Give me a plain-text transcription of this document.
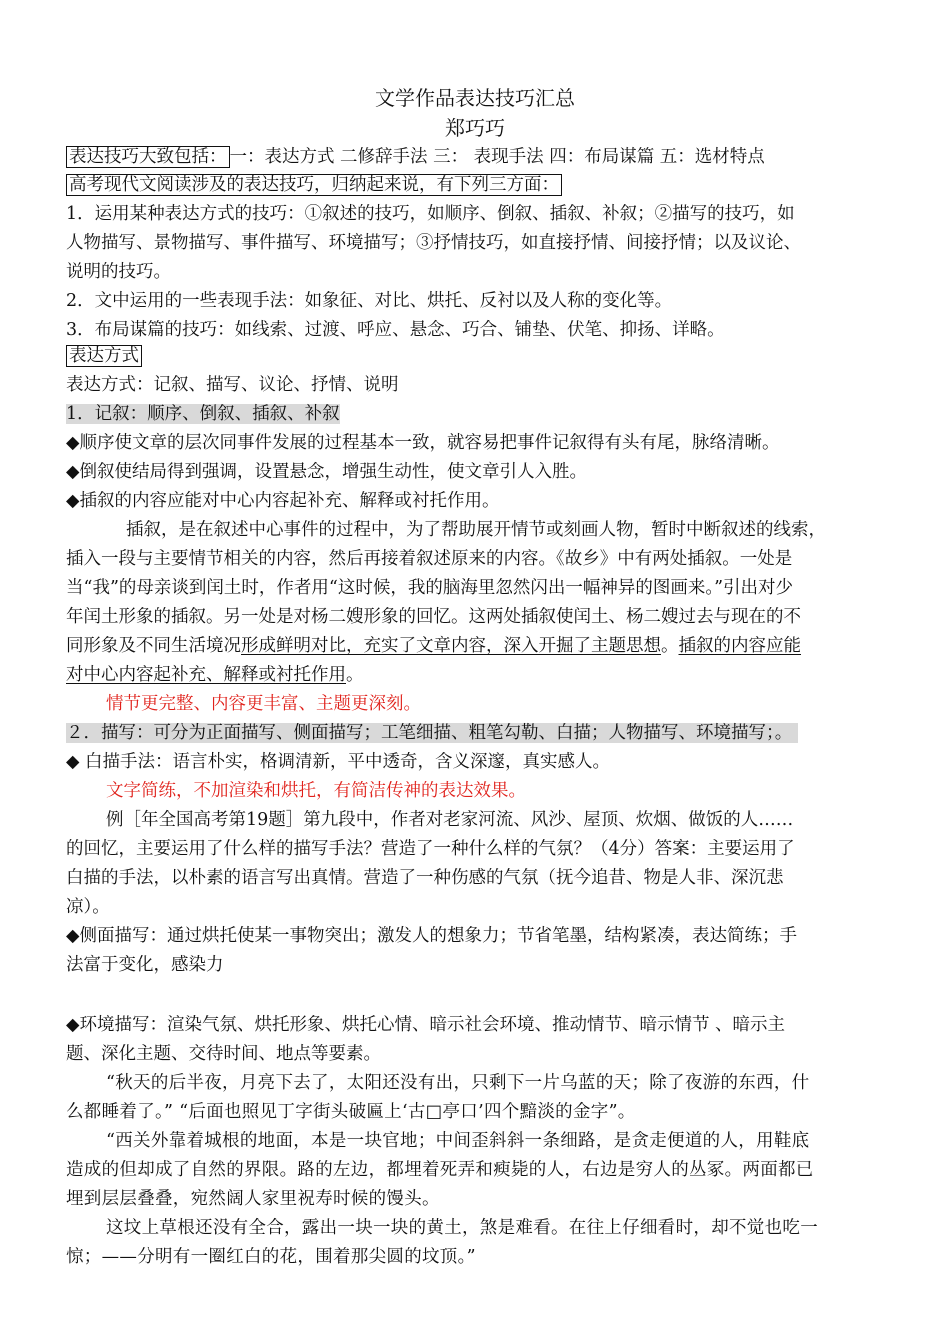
文学作品表达技巧汇总
郑巧巧
表达技巧大致包括： 一：表达方式 二修辞手法 三： 表现手法 四：布局谋篇 五：选材特点
高考现代文阅读涉及的表达技巧，归纳起来说，有下列三方面：
1．运用某种表达方式的技巧：①叙述的技巧，如顺序、倒叙、插叙、补叙；②描写的技巧，如
人物描写、景物描写、事件描写、环境描写；③抒情技巧，如直接抒情、间接抒情；以及议论、
说明的技巧。
2．文中运用的一些表现手法：如象征、对比、烘托、反衬以及人称的变化等。
3．布局谋篇的技巧：如线索、过渡、呼应、悬念、巧合、铺垫、伏笔、抑扬、详略。
表达方式
表达方式：记叙、描写、议论、抒情、说明
1．记叙：顺序、倒叙、插叙、补叙
◆顺序使文章的层次同事件发展的过程基本一致，就容易把事件记叙得有头有尾，脉络清晰。
◆倒叙使结局得到强调，设置悬念，增强生动性，使文章引人入胜。
◆插叙的内容应能对中心内容起补充、解释或衬托作用。
插叙，是在叙述中心事件的过程中，为了帮助展开情节或刻画人物，暂时中断叙述的线索，
插入一段与主要情节相关的内容，然后再接着叙述原来的内容。《故乡》中有两处插叙。一处是
当“我”的母亲谈到闰土时，作者用“这时候，我的脑海里忽然闪出一幅神异的图画来。”引出对少
年闰土形象的插叙。另一处是对杨二嫂形象的回忆。这两处插叙使闰土、杨二嫂过去与现在的不
同形象及不同生活境况形成鲜明对比，充实了文章内容，深入开掘了主题思想。插叙的内容应能
对中心内容起补充、解释或衬托作用。
情节更完整、内容更丰富、主题更深刻。
２．描写：可分为正面描写、侧面描写；工笔细描、粗笔勾勒、白描；人物描写、环境描写；。
◆ 白描手法：语言朴实，格调清新，平中透奇，含义深邃，真实感人。
文字简练，不加渲染和烘托，有简洁传神的表达效果。
例［年全国高考第19题］第九段中，作者对老家河流、风沙、屋顶、炊烟、做饭的人……
的回忆，主要运用了什么样的描写手法？营造了一种什么样的气氛？（4分）答案：主要运用了
白描的手法，以朴素的语言写出真情。营造了一种伤感的气氛（抚今追昔、物是人非、深沉悲
凉）。
◆侧面描写：通过烘托使某一事物突出；激发人的想象力；节省笔墨，结构紧凑，表达简练；手
法富于变化，感染力
◆环境描写：渲染气氛、烘托形象、烘托心情、暗示社会环境、推动情节、暗示情节 、暗示主
题、深化主题、交待时间、地点等要素。
“秋天的后半夜，月亮下去了，太阳还没有出，只剩下一片乌蓝的天；除了夜游的东西，什
么都睡着了。” “后面也照见丁字街头破匾上‘古□亭口’四个黯淡的金字”。
“西关外靠着城根的地面，本是一块官地；中间歪斜斜一条细路，是贪走便道的人，用鞋底
造成的但却成了自然的界限。路的左边，都埋着死弄和瘐毙的人，右边是穷人的丛冢。两面都已
埋到层层叠叠，宛然阔人家里祝寿时候的馒头。
这坟上草根还没有全合，露出一块一块的黄土，煞是难看。在往上仔细看时，却不觉也吃一
惊；——分明有一圈红白的花，围着那尖圆的坟顶。”
